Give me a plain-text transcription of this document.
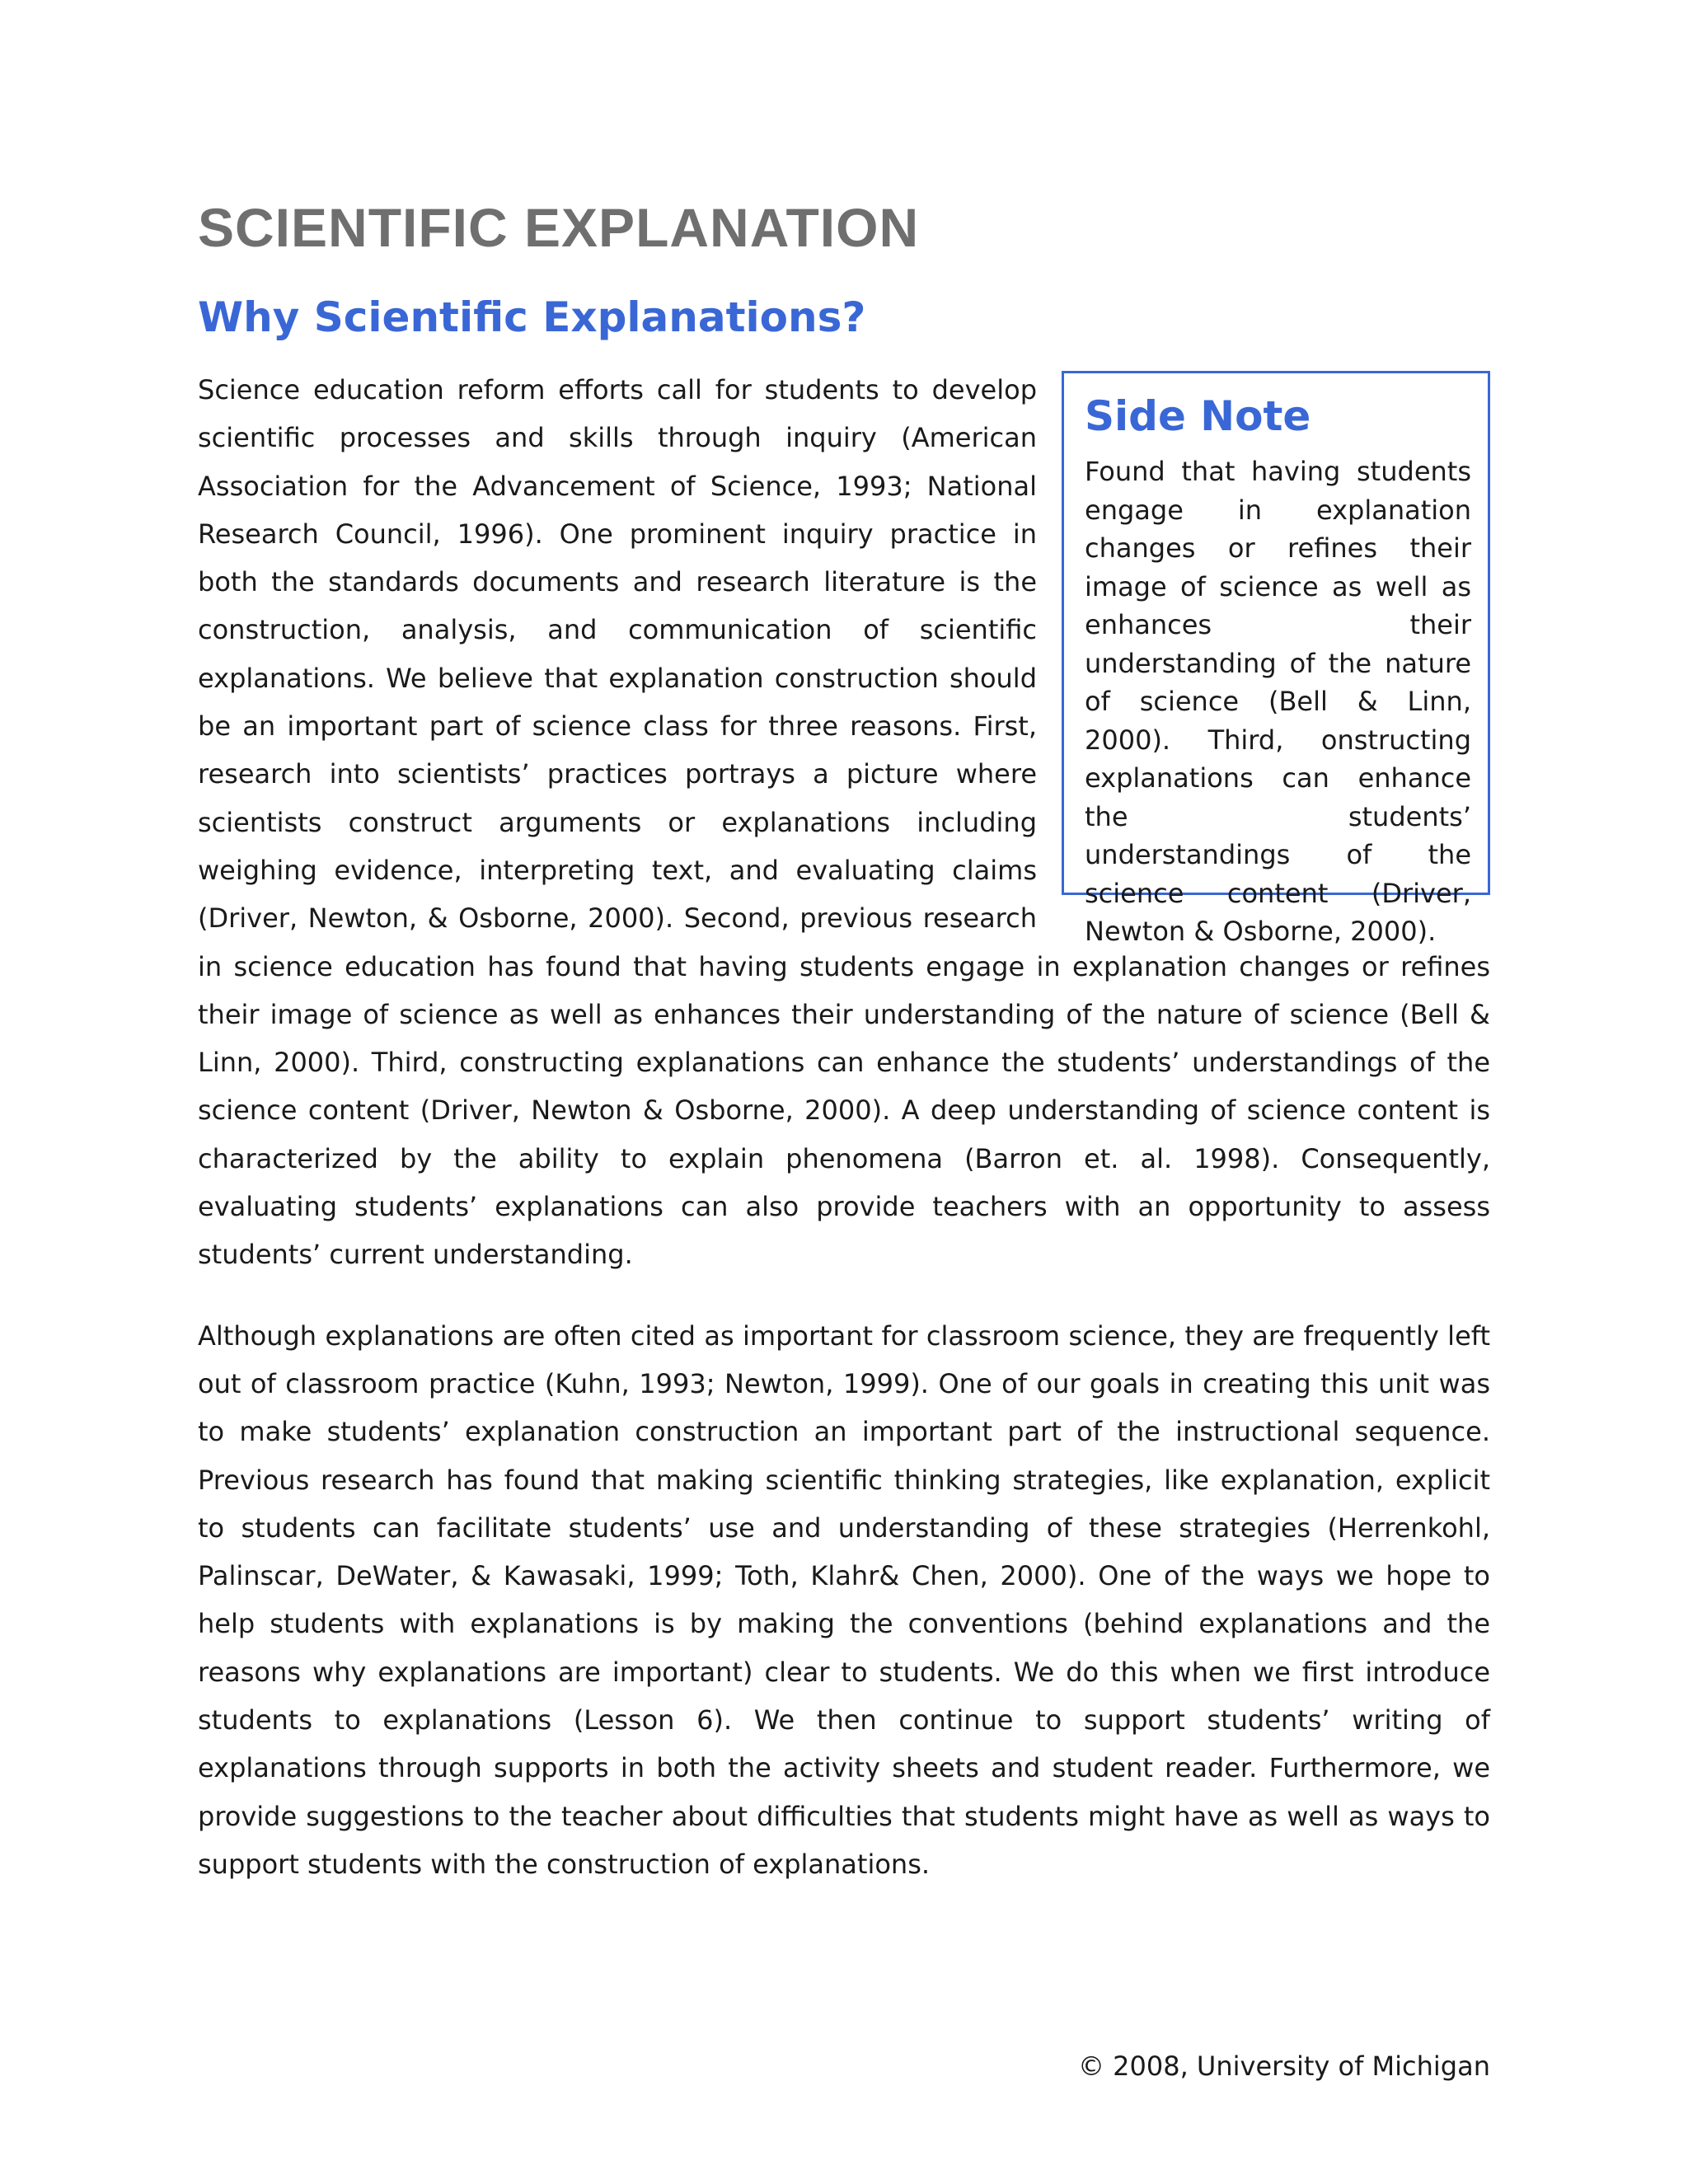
SCIENTIFIC EXPLANATION
Why Scientific Explanations?
Side Note

Found that having students engage in explanation changes or refines their image of science as well as enhances their understanding of the nature of science (Bell & Linn, 2000). Third, onstructing explanations can enhance the students’ understandings of the science content (Driver, Newton & Osborne, 2000).

Science education reform efforts call for students to develop scientific processes and skills through inquiry (American Association for the Advancement of Science, 1993; National Research Council, 1996). One prominent inquiry practice in both the standards documents and research literature is the construction, analysis, and communication of scientific explanations. We believe that explanation construction should be an important part of science class for three reasons. First, research into scientists’ practices portrays a picture where scientists construct arguments or explanations including weighing evidence, interpreting text, and evaluating claims (Driver, Newton, & Osborne, 2000). Second, previous research in science education has found that having students engage in explanation changes or refines their image of science as well as enhances their understanding of the nature of science (Bell & Linn, 2000). Third, constructing explanations can enhance the students’ understandings of the science content (Driver, Newton & Osborne, 2000). A deep understanding of science content is characterized by the ability to explain phenomena (Barron et. al. 1998). Consequently, evaluating students’ explanations can also provide teachers with an opportunity to assess students’ current understanding.

Although explanations are often cited as important for classroom science, they are frequently left out of classroom practice (Kuhn, 1993; Newton, 1999). One of our goals in creating this unit was to make students’ explanation construction an important part of the instructional sequence. Previous research has found that making scientific thinking strategies, like explanation, explicit to students can facilitate students’ use and understanding of these strategies (Herrenkohl, Palinscar, DeWater, & Kawasaki, 1999; Toth, Klahr& Chen, 2000). One of the ways we hope to help students with explanations is by making the conventions (behind explanations and the reasons why explanations are important) clear to students. We do this when we first introduce students to explanations (Lesson 6). We then continue to support students’ writing of explanations through supports in both the activity sheets and student reader. Furthermore, we provide suggestions to the teacher about difficulties that students might have as well as ways to support students with the construction of explanations.

© 2008, University of Michigan
